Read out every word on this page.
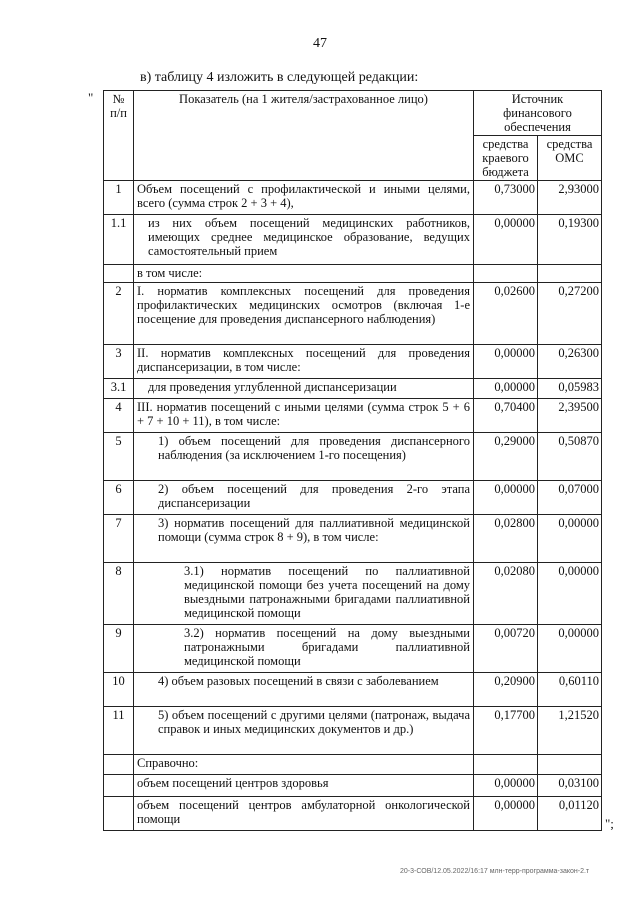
47
в) таблицу 4 изложить в следующей редакции:
" № п/п	Показатель (на 1 жителя/застрахованное лицо)	Источник финансового обеспечения	
		средства краевого бюджета	средства ОМС
1	Объем посещений с профилактической и иными целями, всего (сумма строк 2 + 3 + 4),	0,73000	2,93000
1.1	из них объем посещений медицинских работников, имеющих среднее медицинское образование, ведущих самостоятельный прием	0,00000	0,19300
	в том числе:		
2	I. норматив комплексных посещений для проведения профилактических медицинских осмотров (включая 1-е посещение для проведения диспансерного наблюдения)	0,02600	0,27200
3	II. норматив комплексных посещений для проведения диспансеризации, в том числе:	0,00000	0,26300
3.1	для проведения углубленной диспансеризации	0,00000	0,05983
4	III. норматив посещений с иными целями (сумма строк 5 + 6 + 7 + 10 + 11), в том числе:	0,70400	2,39500
5	1) объем посещений для проведения диспансерного наблюдения (за исключением 1-го посещения)	0,29000	0,50870
6	2) объем посещений для проведения 2-го этапа диспансеризации	0,00000	0,07000
7	3) норматив посещений для паллиативной медицинской помощи (сумма строк 8 + 9), в том числе:	0,02800	0,00000
8	3.1) норматив посещений по паллиативной медицинской помощи без учета посещений на дому выездными патронажными бригадами паллиативной медицинской помощи	0,02080	0,00000
9	3.2) норматив посещений на дому выездными патронажными бригадами паллиативной медицинской помощи	0,00720	0,00000
10	4) объем разовых посещений в связи с заболеванием	0,20900	0,60110
11	5) объем посещений с другими целями (патронаж, выдача справок и иных медицинских документов и др.)	0,17700	1,21520
	Справочно:		
	объем посещений центров здоровья	0,00000	0,03100
	объем посещений центров амбулаторной онкологической помощи	0,00000	0,01120
";
20-3-СОВ/12.05.2022/16:17 млн-терр-программа-закон-2.т
